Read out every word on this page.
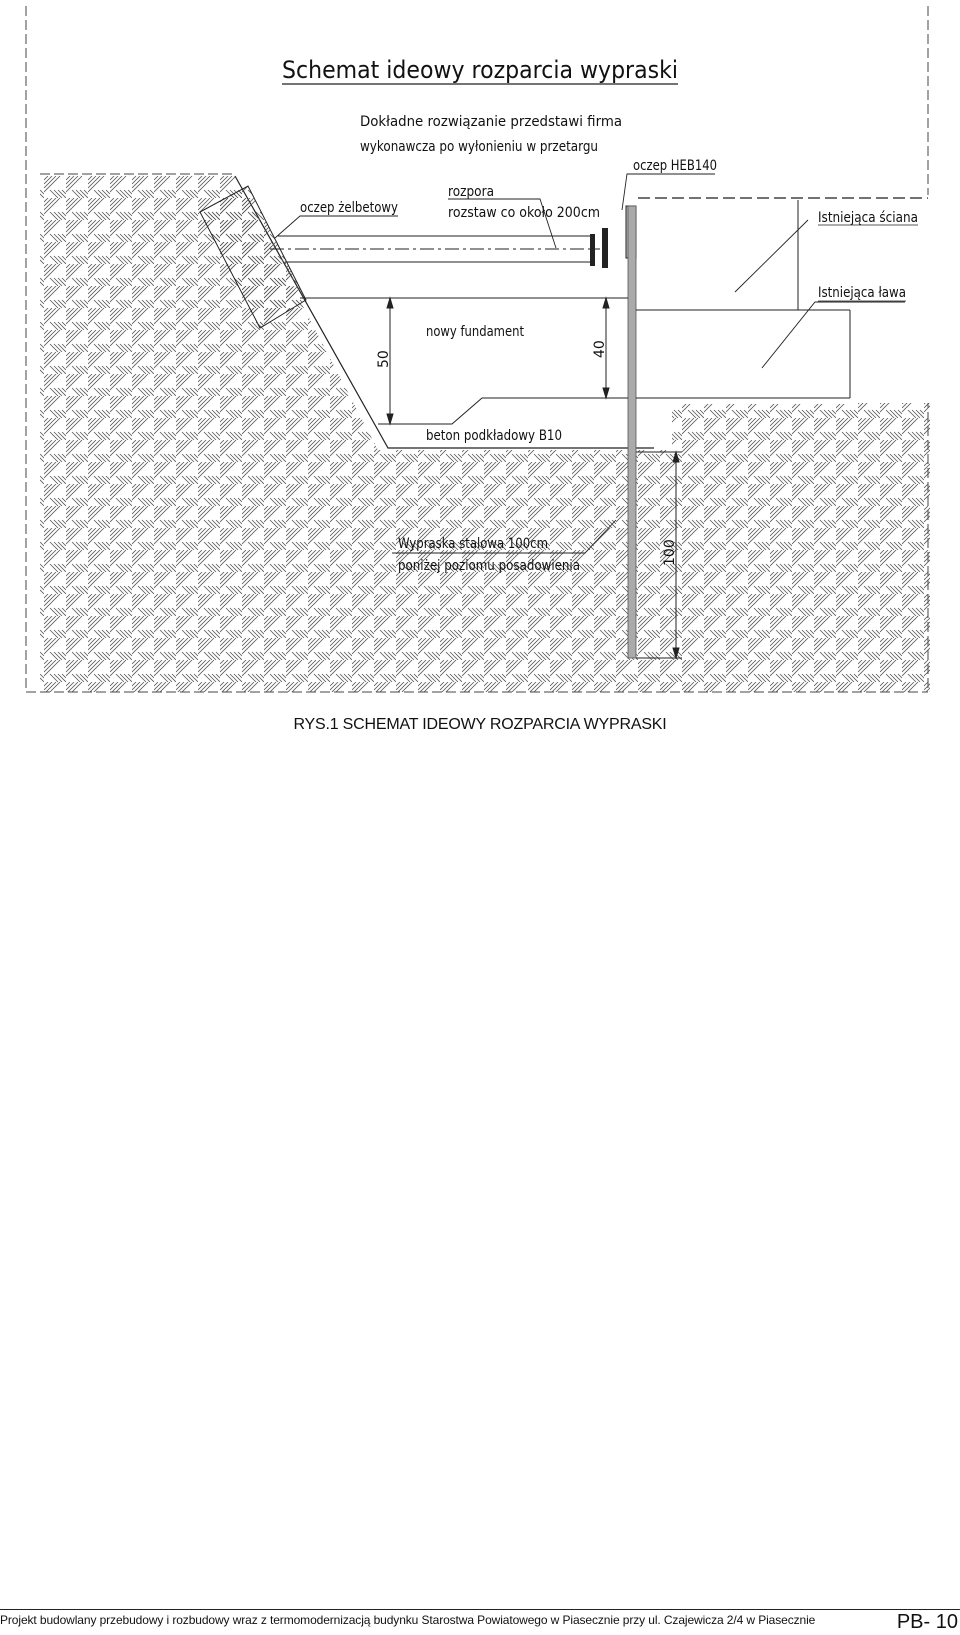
Schemat ideowy rozparcia wypraski
Dokładne rozwiązanie przedstawi firma
wykonawcza po wyłonieniu w przetargu
oczep HEB140
oczep żelbetowy
rozpora
rozstaw co około 200cm	Istniejąca ściana
Istniejąca ława
nowy fundament
beton podkładowy B10
Wypraska stalowa 100cm
poniżej poziomu posadowienia
50
40
100
RYS.1 SCHEMAT IDEOWY ROZPARCIA WYPRASKI
Projekt budowlany przebudowy i rozbudowy wraz z termomodernizacją budynku Starostwa Powiatowego w Piasecznie przy ul. Czajewicza 2/4 w Piasecznie	PB- 10
